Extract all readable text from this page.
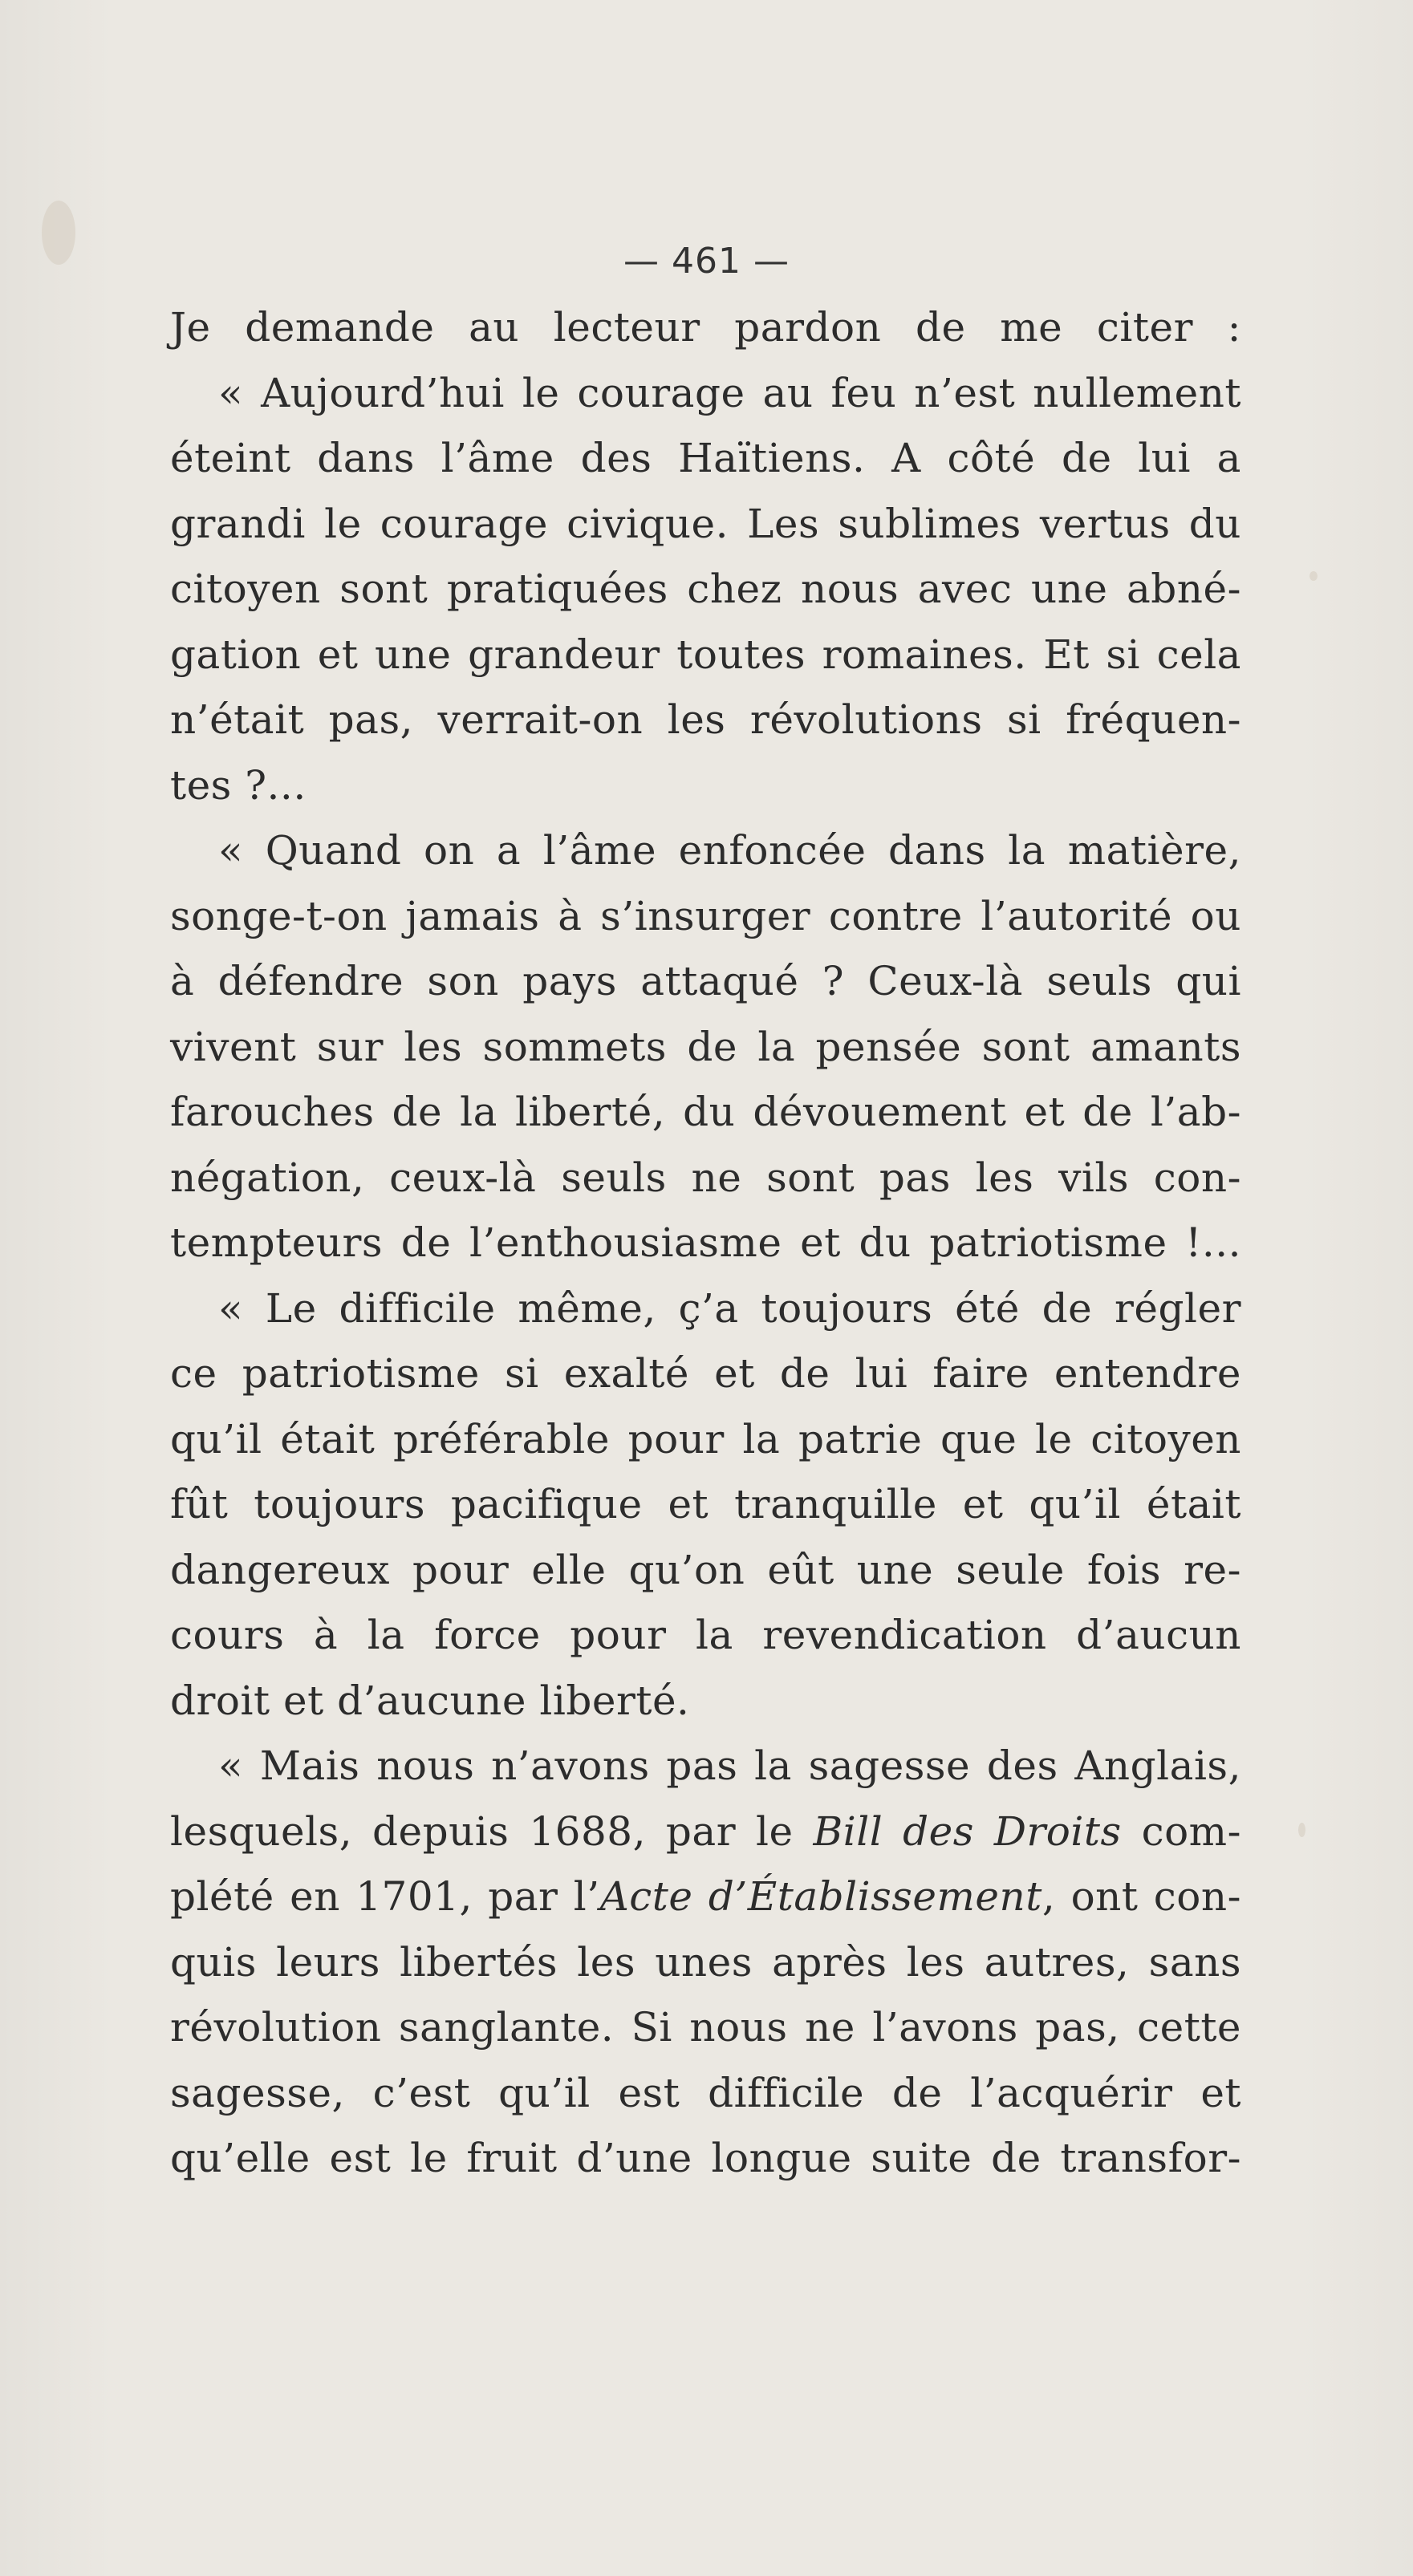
— 461 —
Je demande au lecteur pardon de me citer :
« Aujourd’hui le courage au feu n’est nullement
éteint dans l’âme des Haïtiens. A côté de lui a
grandi le courage civique. Les sublimes vertus du
citoyen sont pratiquées chez nous avec une abné-
gation et une grandeur toutes romaines. Et si cela
n’était pas, verrait-on les révolutions si fréquen-
tes ?...
« Quand on a l’âme enfoncée dans la matière,
songe-t-on jamais à s’insurger contre l’autorité ou
à défendre son pays attaqué ? Ceux-là seuls qui
vivent sur les sommets de la pensée sont amants
farouches de la liberté, du dévouement et de l’ab-
négation, ceux-là seuls ne sont pas les vils con-
tempteurs de l’enthousiasme et du patriotisme !...
« Le difficile même, ç’a toujours été de régler
ce patriotisme si exalté et de lui faire entendre
qu’il était préférable pour la patrie que le citoyen
fût toujours pacifique et tranquille et qu’il était
dangereux pour elle qu’on eût une seule fois re-
cours à la force pour la revendication d’aucun
droit et d’aucune liberté.
« Mais nous n’avons pas la sagesse des Anglais,
lesquels, depuis 1688, par le Bill des Droits com-
plété en 1701, par l’Acte d’Établissement, ont con-
quis leurs libertés les unes après les autres, sans
révolution sanglante. Si nous ne l’avons pas, cette
sagesse, c’est qu’il est difficile de l’acquérir et
qu’elle est le fruit d’une longue suite de transfor-
